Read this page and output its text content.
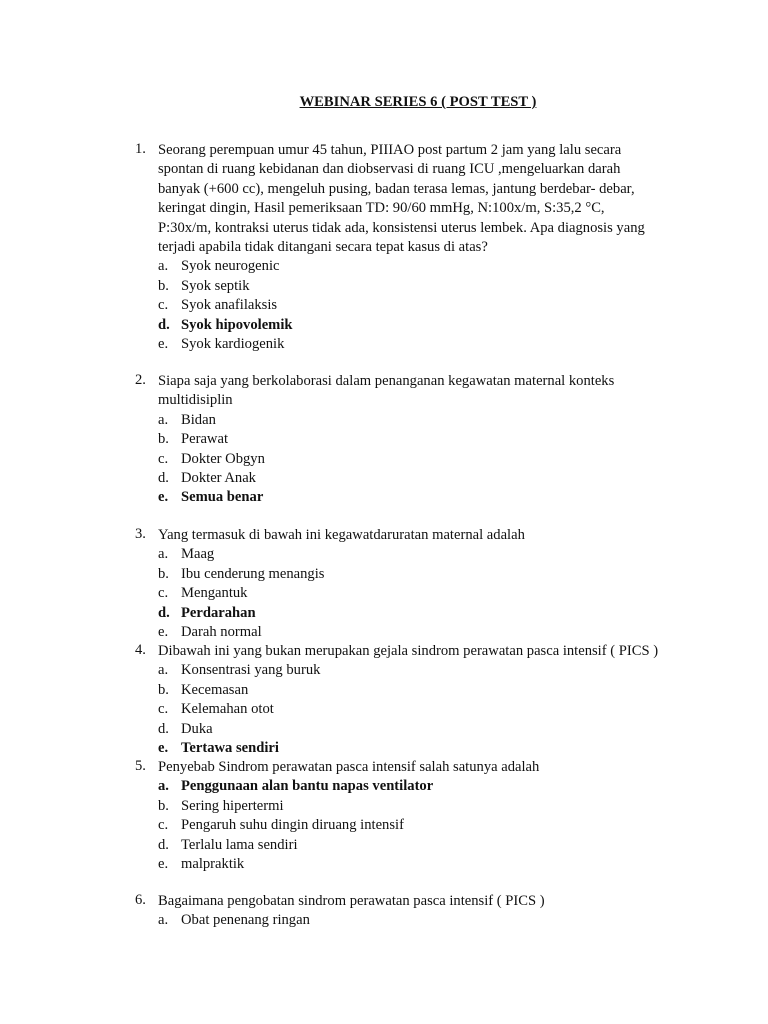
WEBINAR SERIES 6 ( POST TEST )
1. Seorang perempuan umur 45 tahun, PIIIAO post partum 2 jam yang lalu secara
spontan di ruang kebidanan dan diobservasi di ruang ICU ,mengeluarkan darah
banyak (+600 cc), mengeluh pusing, badan terasa lemas, jantung berdebar- debar,
keringat dingin, Hasil pemeriksaan TD: 90/60 mmHg, N:100x/m, S:35,2 °C,
P:30x/m, kontraksi uterus tidak ada, konsistensi uterus lembek. Apa diagnosis yang
terjadi apabila tidak ditangani secara tepat kasus di atas?
a. Syok neurogenic
b. Syok septik
c. Syok anafilaksis
d. Syok hipovolemik
e. Syok kardiogenik
2. Siapa saja yang berkolaborasi dalam penanganan kegawatan maternal konteks
multidisiplin
a. Bidan
b. Perawat
c. Dokter Obgyn
d. Dokter Anak
e. Semua benar
3. Yang termasuk di bawah ini kegawatdaruratan maternal adalah
a. Maag
b. Ibu cenderung menangis
c. Mengantuk
d. Perdarahan
e. Darah normal
4. Dibawah ini yang bukan merupakan gejala sindrom perawatan pasca intensif ( PICS )
a. Konsentrasi yang buruk
b. Kecemasan
c. Kelemahan otot
d. Duka
e. Tertawa sendiri
5. Penyebab Sindrom perawatan pasca intensif salah satunya adalah
a. Penggunaan alan bantu napas ventilator
b. Sering hipertermi
c. Pengaruh suhu dingin diruang intensif
d. Terlalu lama sendiri
e. malpraktik
6. Bagaimana pengobatan sindrom perawatan pasca intensif ( PICS )
a. Obat penenang ringan
